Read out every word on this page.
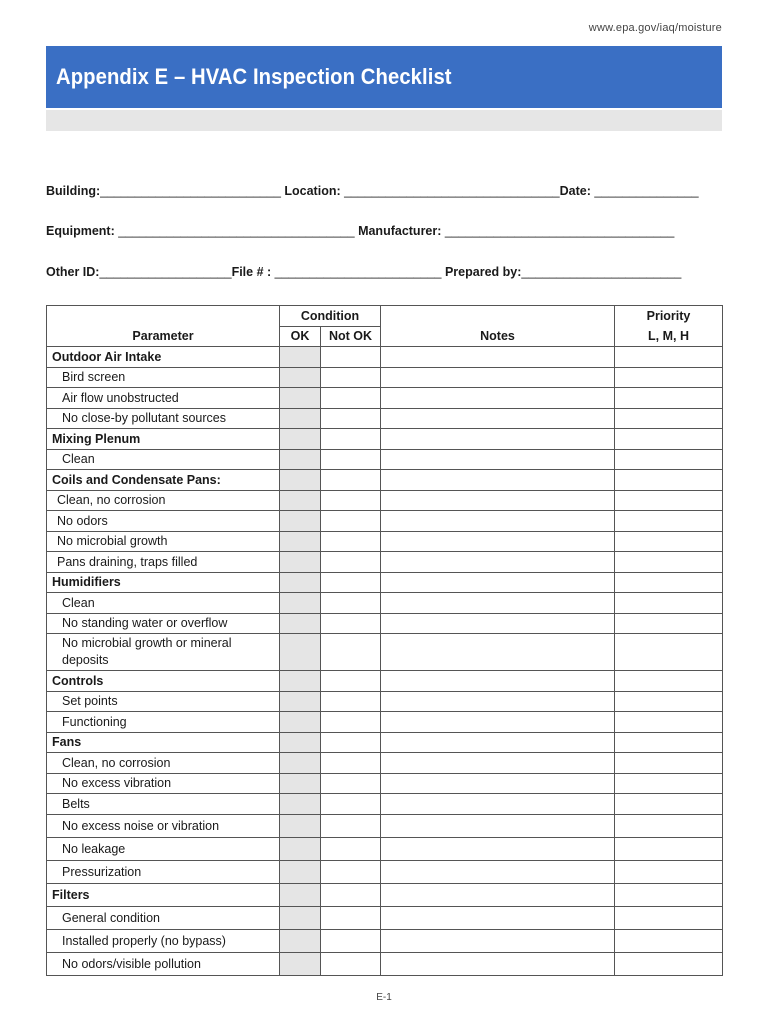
www.epa.gov/iaq/moisture
Appendix E – HVAC Inspection Checklist
Building:__________________________ Location: _______________________________Date: _______________
Equipment: __________________________________ Manufacturer: _________________________________
Other ID:___________________File # : ________________________ Prepared by:_______________________
	Condition			Priority
Parameter	OK	Not OK	Notes	L, M, H
Outdoor Air Intake				
Bird screen				
Air flow unobstructed				
No close-by pollutant sources				
Mixing Plenum				
Clean				
Coils and Condensate Pans:				
Clean, no corrosion				
No odors				
No microbial growth				
Pans draining, traps filled				
Humidifiers				
Clean				
No standing water or overflow				
No microbial growth or mineral deposits				
Controls				
Set points				
Functioning				
Fans				
Clean, no corrosion				
No excess vibration				
Belts				
No excess noise or vibration				
No leakage				
Pressurization				
Filters				
General condition				
Installed properly (no bypass)				
No odors/visible pollution				
E-1
